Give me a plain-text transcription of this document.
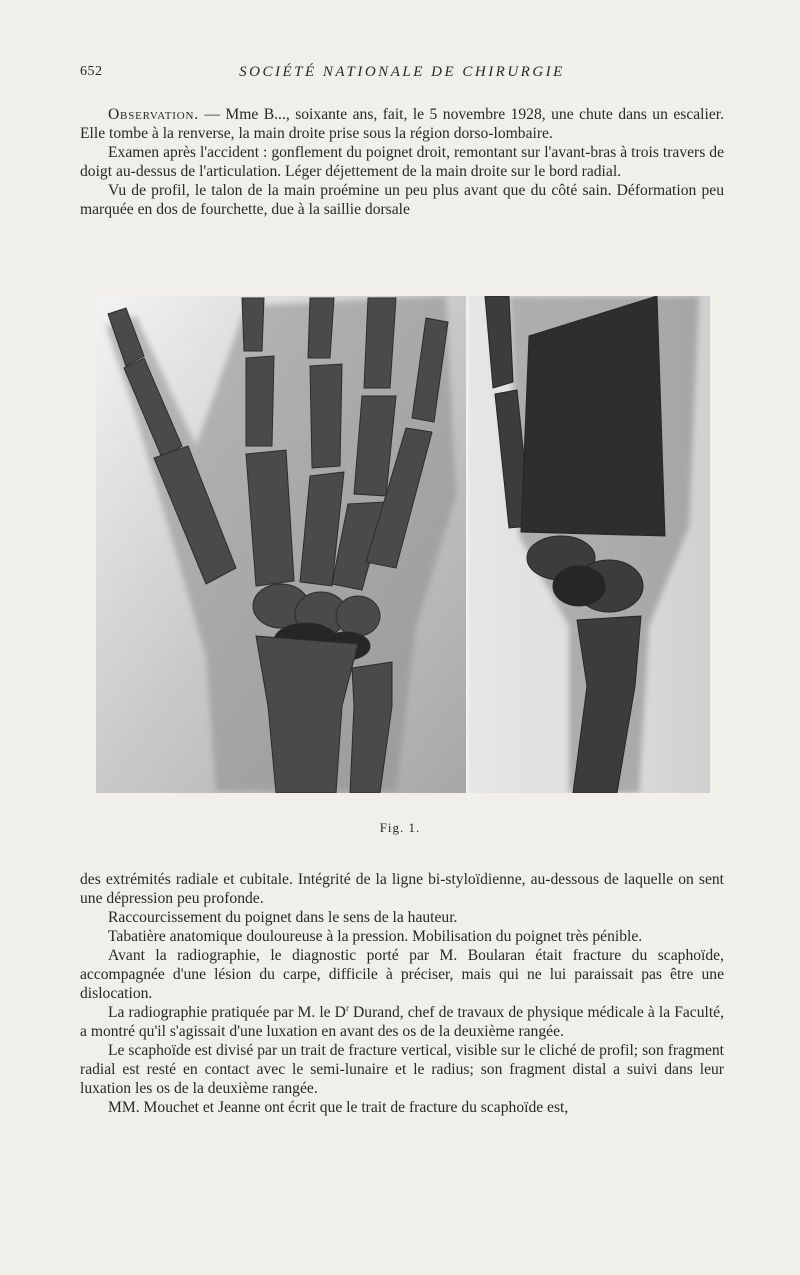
652	SOCIÉTÉ NATIONALE DE CHIRURGIE

Observation. — Mme B..., soixante ans, fait, le 5 novembre 1928, une chute dans un escalier. Elle tombe à la renverse, la main droite prise sous la région dorso-lombaire.

Examen après l'accident : gonflement du poignet droit, remontant sur l'avant-bras à trois travers de doigt au-dessus de l'articulation. Léger déjettement de la main droite sur le bord radial.

Vu de profil, le talon de la main proémine un peu plus avant que du côté sain. Déformation peu marquée en dos de fourchette, due à la saillie dorsale

Fig. 1.

des extrémités radiale et cubitale. Intégrité de la ligne bi-styloïdienne, au-dessous de laquelle on sent une dépression peu profonde.

Raccourcissement du poignet dans le sens de la hauteur.

Tabatière anatomique douloureuse à la pression. Mobilisation du poignet très pénible.

Avant la radiographie, le diagnostic porté par M. Boularan était fracture du scaphoïde, accompagnée d'une lésion du carpe, difficile à préciser, mais qui ne lui paraissait pas être une dislocation.

La radiographie pratiquée par M. le $D^r$ Durand, chef de travaux de physique médicale à la Faculté, a montré qu'il s'agissait d'une luxation en avant des os de la deuxième rangée.

Le scaphoïde est divisé par un trait de fracture vertical, visible sur le cliché de profil; son fragment radial est resté en contact avec le semi-lunaire et le radius; son fragment distal a suivi dans leur luxation les os de la deuxième rangée.

MM. Mouchet et Jeanne ont écrit que le trait de fracture du scaphoïde est,
